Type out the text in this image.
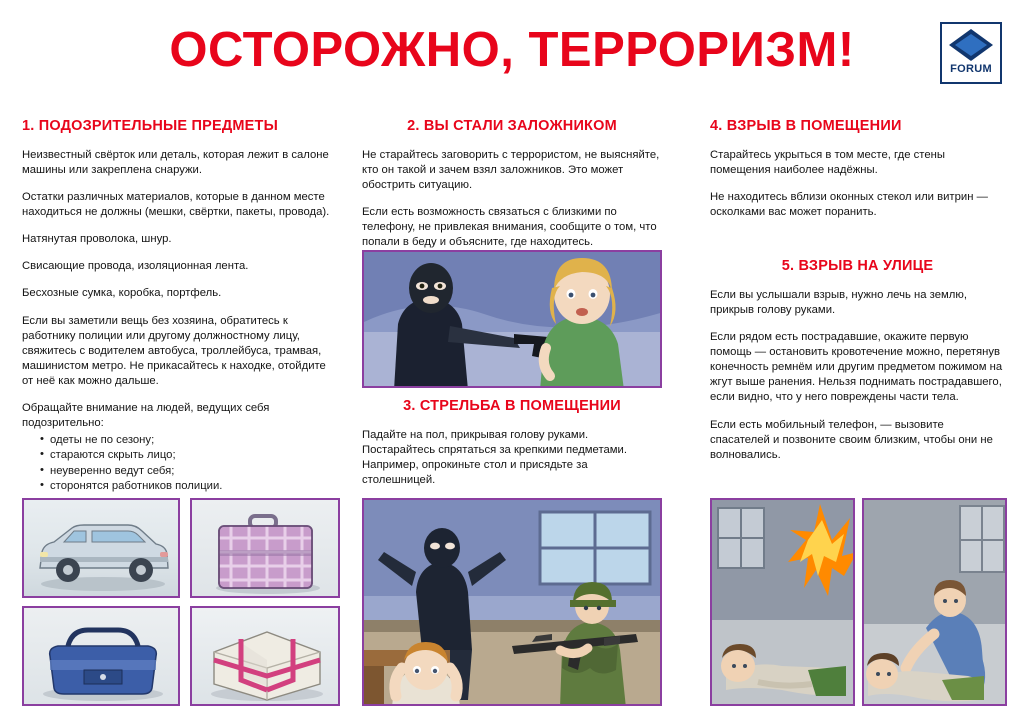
ОСТОРОЖНО, ТЕРРОРИЗМ!	FORUM
1. ПОДОЗРИТЕЛЬНЫЕ ПРЕДМЕТЫ

Неизвестный свёрток или деталь, которая лежит в салоне машины или закреплена снаружи.

Остатки различных материалов, которые в данном месте находиться не должны (мешки, свёртки, пакеты, провода).

Натянутая проволока, шнур.

Свисающие провода, изоляционная лента.

Бесхозные сумка, коробка, портфель.

Если вы заметили вещь без хозяина, обратитесь к работнику полиции или другому должностному лицу, свяжитесь с водителем автобуса, троллейбуса, трамвая, машинистом метро. Не прикасайтесь к находке, отойдите от неё как можно дальше.

Обращайте внимание на людей, ведущих себя подозрительно:

• одеты не по сезону;
• стараются скрыть лицо;
• неуверенно ведут себя;
• сторонятся работников полиции.
2. ВЫ СТАЛИ ЗАЛОЖНИКОМ

Не старайтесь заговорить с террористом, не выясняйте, кто он такой и зачем взял заложников. Это может обострить ситуацию.

Если есть возможность связаться с близкими по телефону, не привлекая внимания, сообщите о том, что попали в беду и объясните, где находитесь.

4. ВЗРЫВ В ПОМЕЩЕНИИ

Старайтесь укрыться в том месте, где стены помещения наиболее надёжны.

Не находитесь вблизи оконных стекол или витрин — осколками вас может поранить.

3. СТРЕЛЬБА В ПОМЕЩЕНИИ

Падайте на пол, прикрывая голову руками. Постарайтесь спрятаться за крепкими педметами. Например, опрокиньте стол и присядьте за столешницей.

5. ВЗРЫВ НА УЛИЦЕ

Если вы услышали взрыв, нужно лечь на землю, прикрыв голову руками.

Если рядом есть пострадавшие, окажите первую помощь — остановить кровотечение можно, перетянув конечность ремнём или другим предметом пожимом на жгут выше ранения. Нельзя поднимать пострадавшего, если видно, что у него повреждены части тела.

Если есть мобильный телефон, — вызовите спасателей и позвоните своим близким, чтобы они не волновались.
